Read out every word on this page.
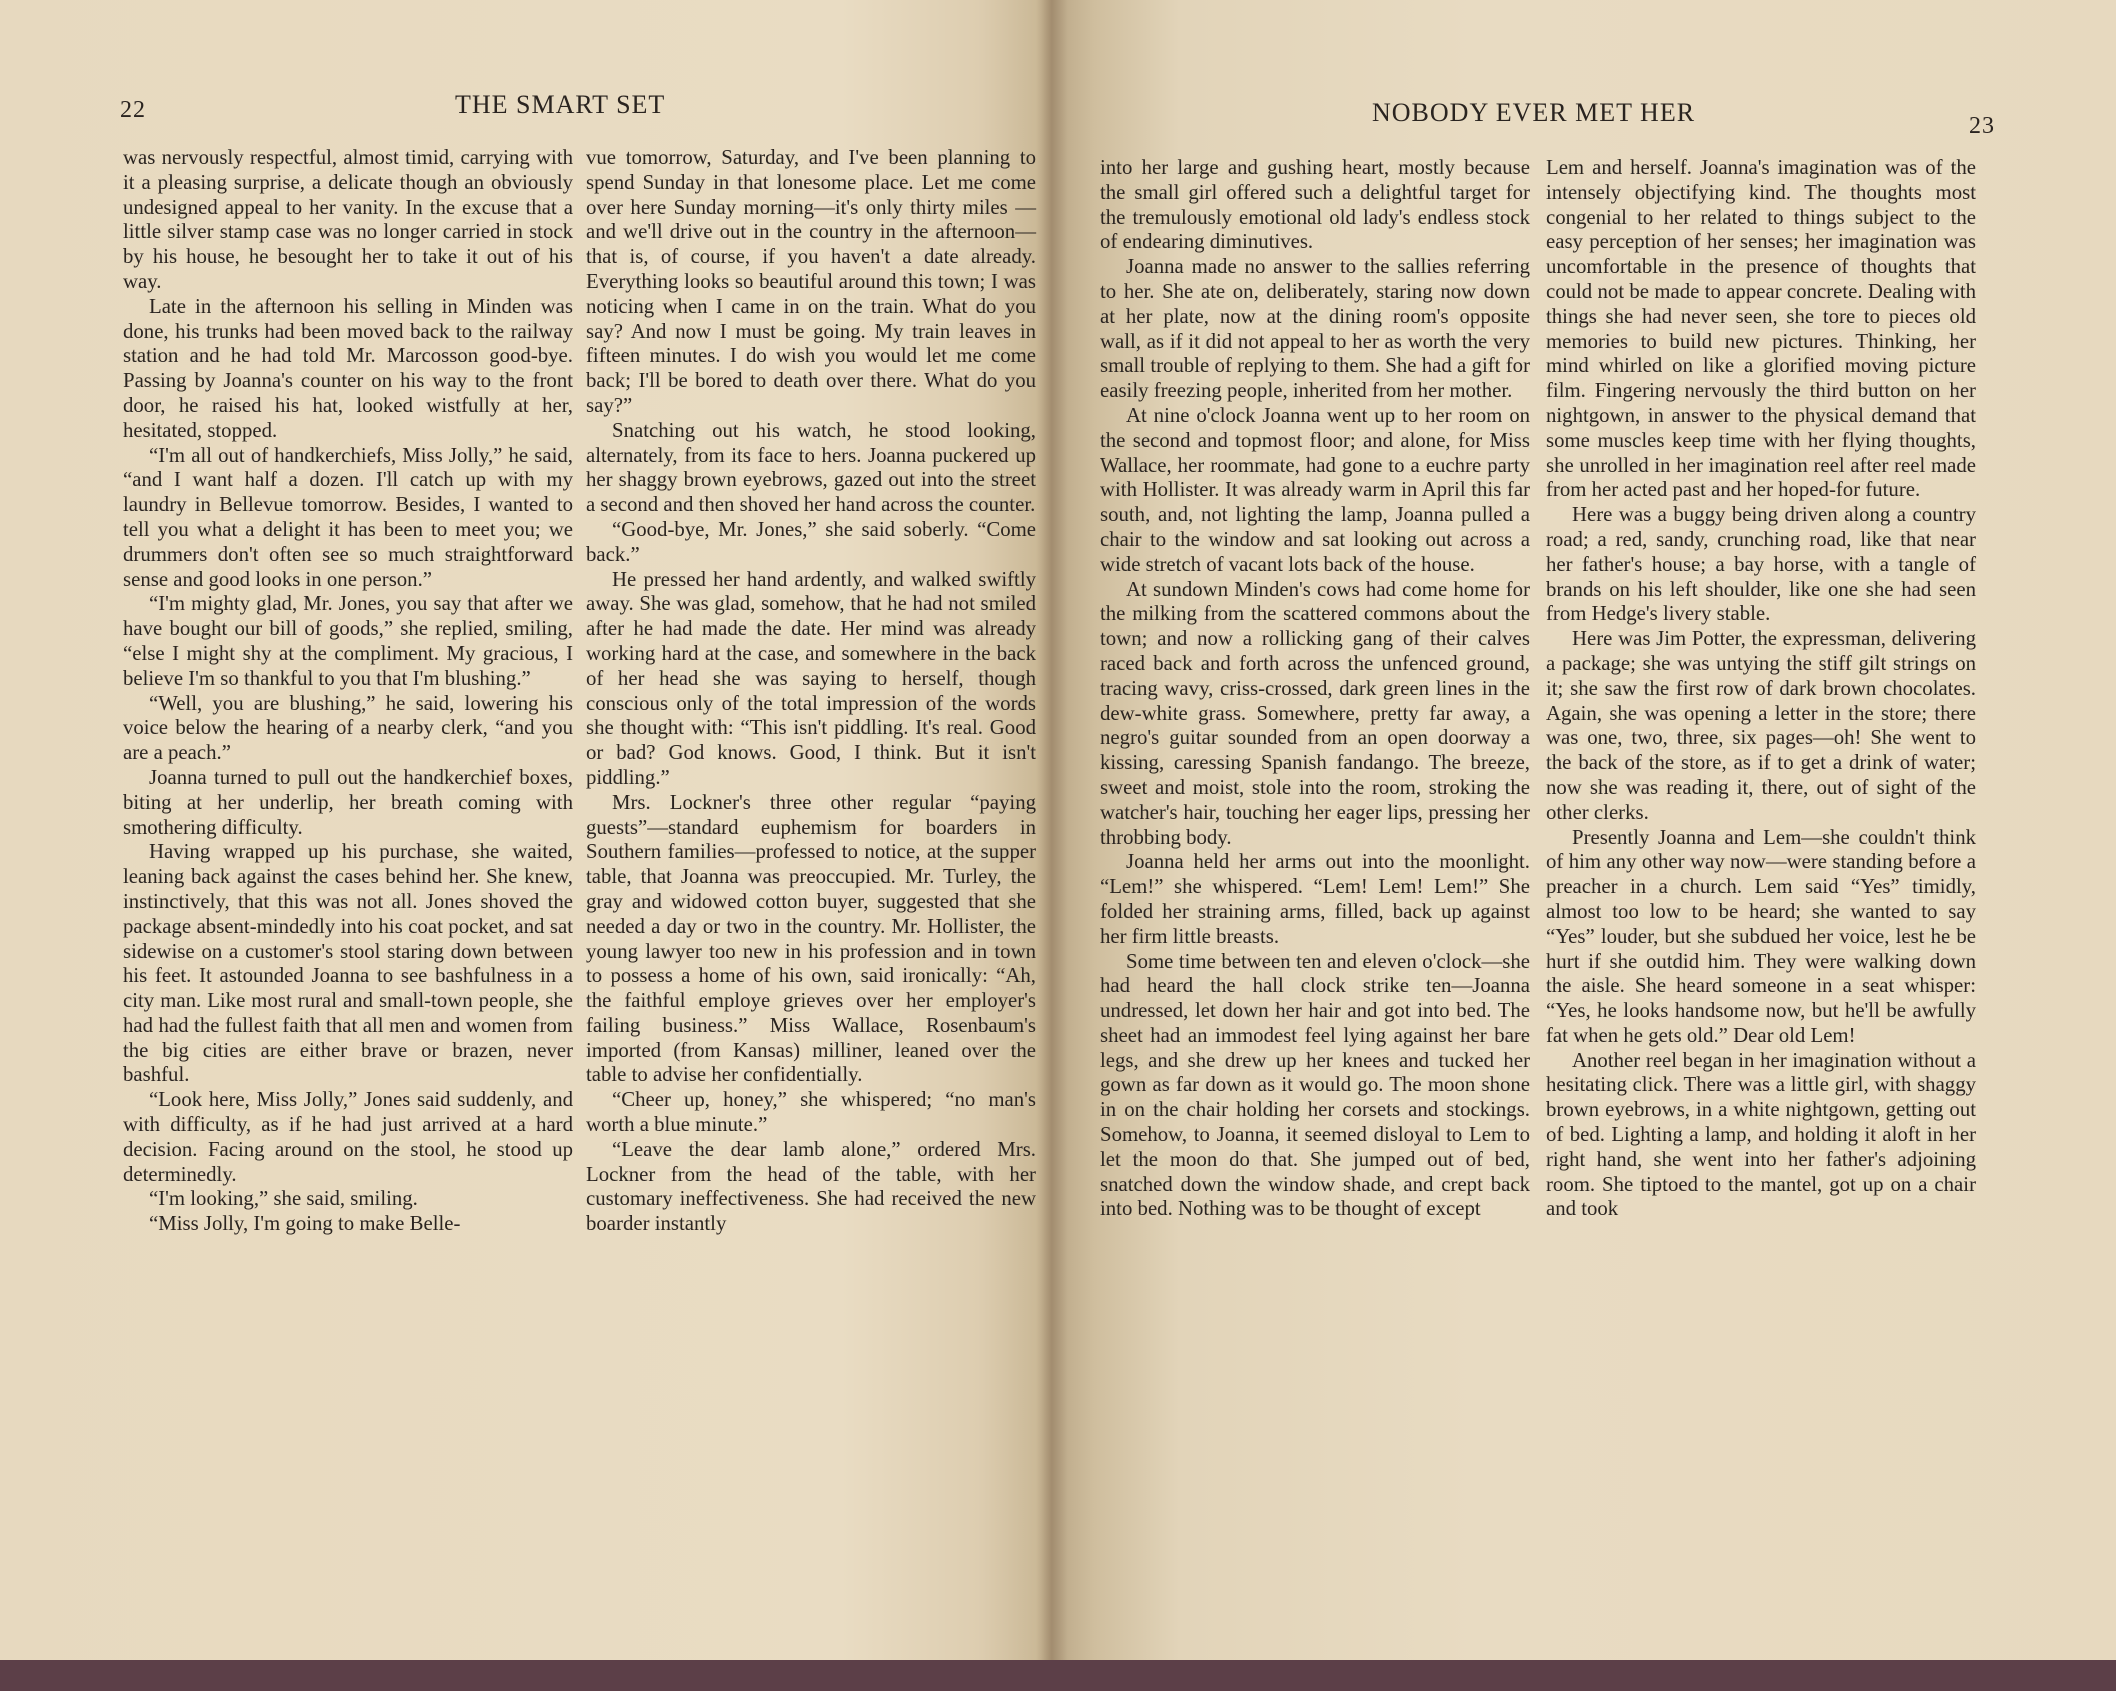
22	THE SMART SET

was nervously respectful, almost timid, carrying with it a pleasing surprise, a delicate though an obviously undesigned appeal to her vanity. In the excuse that a little silver stamp case was no longer carried in stock by his house, he besought her to take it out of his way.

Late in the afternoon his selling in Minden was done, his trunks had been moved back to the railway station and he had told Mr. Marcosson good-bye. Passing by Joanna's counter on his way to the front door, he raised his hat, looked wistfully at her, hesitated, stopped.

“I'm all out of handkerchiefs, Miss Jolly,” he said, “and I want half a dozen. I'll catch up with my laundry in Bellevue tomorrow. Besides, I wanted to tell you what a delight it has been to meet you; we drummers don't often see so much straightforward sense and good looks in one person.”

“I'm mighty glad, Mr. Jones, you say that after we have bought our bill of goods,” she replied, smiling, “else I might shy at the compliment. My gracious, I believe I'm so thankful to you that I'm blushing.”

“Well, you are blushing,” he said, lowering his voice below the hearing of a nearby clerk, “and you are a peach.”

Joanna turned to pull out the handkerchief boxes, biting at her underlip, her breath coming with smothering difficulty.

Having wrapped up his purchase, she waited, leaning back against the cases behind her. She knew, instinctively, that this was not all. Jones shoved the package absent-mindedly into his coat pocket, and sat sidewise on a customer's stool staring down between his feet. It astounded Joanna to see bashfulness in a city man. Like most rural and small-town people, she had had the fullest faith that all men and women from the big cities are either brave or brazen, never bashful.

“Look here, Miss Jolly,” Jones said suddenly, and with difficulty, as if he had just arrived at a hard decision. Facing around on the stool, he stood up determinedly.

“I'm looking,” she said, smiling.

“Miss Jolly, I'm going to make Belle-

vue tomorrow, Saturday, and I've been planning to spend Sunday in that lonesome place. Let me come over here Sunday morning—it's only thirty miles —and we'll drive out in the country in the afternoon—that is, of course, if you haven't a date already. Everything looks so beautiful around this town; I was noticing when I came in on the train. What do you say? And now I must be going. My train leaves in fifteen minutes. I do wish you would let me come back; I'll be bored to death over there. What do you say?”

Snatching out his watch, he stood looking, alternately, from its face to hers. Joanna puckered up her shaggy brown eyebrows, gazed out into the street a second and then shoved her hand across the counter.

“Good-bye, Mr. Jones,” she said soberly. “Come back.”

He pressed her hand ardently, and walked swiftly away. She was glad, somehow, that he had not smiled after he had made the date. Her mind was already working hard at the case, and somewhere in the back of her head she was saying to herself, though conscious only of the total impression of the words she thought with: “This isn't piddling. It's real. Good or bad? God knows. Good, I think. But it isn't piddling.”

Mrs. Lockner's three other regular “paying guests”—standard euphemism for boarders in Southern families—professed to notice, at the supper table, that Joanna was preoccupied. Mr. Turley, the gray and widowed cotton buyer, suggested that she needed a day or two in the country. Mr. Hollister, the young lawyer too new in his profession and in town to possess a home of his own, said ironically: “Ah, the faithful employe grieves over her employer's failing business.” Miss Wallace, Rosenbaum's imported (from Kansas) milliner, leaned over the table to advise her confidentially.

“Cheer up, honey,” she whispered; “no man's worth a blue minute.”

“Leave the dear lamb alone,” ordered Mrs. Lockner from the head of the table, with her customary ineffectiveness. She had received the new boarder instantly

NOBODY EVER MET HER	23

into her large and gushing heart, mostly because the small girl offered such a delightful target for the tremulously emotional old lady's endless stock of endearing diminutives.

Joanna made no answer to the sallies referring to her. She ate on, deliberately, staring now down at her plate, now at the dining room's opposite wall, as if it did not appeal to her as worth the very small trouble of replying to them. She had a gift for easily freezing people, inherited from her mother.

At nine o'clock Joanna went up to her room on the second and topmost floor; and alone, for Miss Wallace, her roommate, had gone to a euchre party with Hollister. It was already warm in April this far south, and, not lighting the lamp, Joanna pulled a chair to the window and sat looking out across a wide stretch of vacant lots back of the house.

At sundown Minden's cows had come home for the milking from the scattered commons about the town; and now a rollicking gang of their calves raced back and forth across the unfenced ground, tracing wavy, criss-crossed, dark green lines in the dew-white grass. Somewhere, pretty far away, a negro's guitar sounded from an open doorway a kissing, caressing Spanish fandango. The breeze, sweet and moist, stole into the room, stroking the watcher's hair, touching her eager lips, pressing her throbbing body.

Joanna held her arms out into the moonlight. “Lem!” she whispered. “Lem! Lem! Lem!” She folded her straining arms, filled, back up against her firm little breasts.

Some time between ten and eleven o'clock—she had heard the hall clock strike ten—Joanna undressed, let down her hair and got into bed. The sheet had an immodest feel lying against her bare legs, and she drew up her knees and tucked her gown as far down as it would go. The moon shone in on the chair holding her corsets and stockings. Somehow, to Joanna, it seemed disloyal to Lem to let the moon do that. She jumped out of bed, snatched down the window shade, and crept back into bed. Nothing was to be thought of except

Lem and herself. Joanna's imagination was of the intensely objectifying kind. The thoughts most congenial to her related to things subject to the easy perception of her senses; her imagination was uncomfortable in the presence of thoughts that could not be made to appear concrete. Dealing with things she had never seen, she tore to pieces old memories to build new pictures. Thinking, her mind whirled on like a glorified moving picture film. Fingering nervously the third button on her nightgown, in answer to the physical demand that some muscles keep time with her flying thoughts, she unrolled in her imagination reel after reel made from her acted past and her hoped-for future.

Here was a buggy being driven along a country road; a red, sandy, crunching road, like that near her father's house; a bay horse, with a tangle of brands on his left shoulder, like one she had seen from Hedge's livery stable.

Here was Jim Potter, the expressman, delivering a package; she was untying the stiff gilt strings on it; she saw the first row of dark brown chocolates. Again, she was opening a letter in the store; there was one, two, three, six pages—oh! She went to the back of the store, as if to get a drink of water; now she was reading it, there, out of sight of the other clerks.

Presently Joanna and Lem—she couldn't think of him any other way now—were standing before a preacher in a church. Lem said “Yes” timidly, almost too low to be heard; she wanted to say “Yes” louder, but she subdued her voice, lest he be hurt if she outdid him. They were walking down the aisle. She heard someone in a seat whisper: “Yes, he looks handsome now, but he'll be awfully fat when he gets old.” Dear old Lem!

Another reel began in her imagination without a hesitating click. There was a little girl, with shaggy brown eyebrows, in a white nightgown, getting out of bed. Lighting a lamp, and holding it aloft in her right hand, she went into her father's adjoining room. She tiptoed to the mantel, got up on a chair and took
